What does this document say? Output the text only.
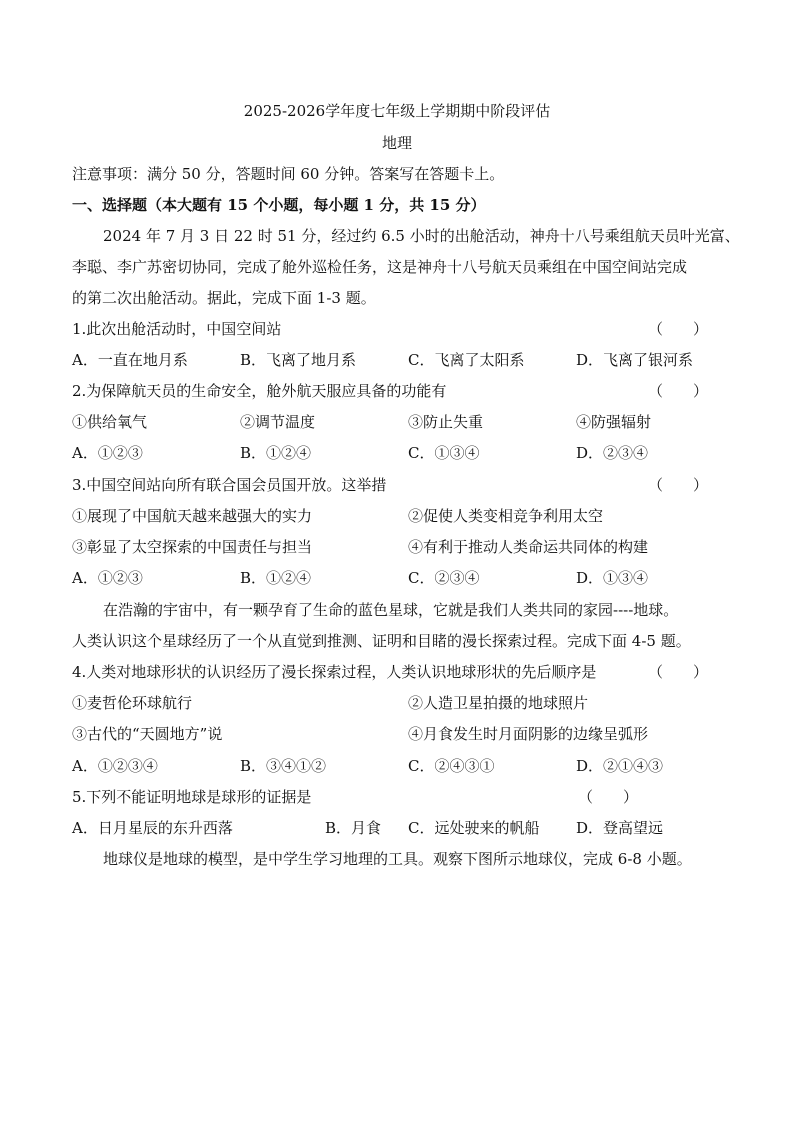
2025-2026学年度七年级上学期期中阶段评估
地理
注意事项：满分 50 分，答题时间 60 分钟。答案写在答题卡上。
一、选择题（本大题有 15 个小题，每小题 1 分，共 15 分）
2024 年 7 月 3 日 22 时 51 分，经过约 6.5 小时的出舱活动，神舟十八号乘组航天员叶光富、
李聪、李广苏密切协同，完成了舱外巡检任务，这是神舟十八号航天员乘组在中国空间站完成
的第二次出舱活动。据此，完成下面 1-3 题。
1.此次出舱活动时，中国空间站	（　　）
A．一直在地月系	B．飞离了地月系	C．飞离了太阳系	D．飞离了银河系
2.为保障航天员的生命安全，舱外航天服应具备的功能有	（　　）
①供给氧气	②调节温度	③防止失重	④防强辐射
A．①②③	B．①②④	C．①③④	D．②③④
3.中国空间站向所有联合国会员国开放。这举措	（　　）
①展现了中国航天越来越强大的实力	②促使人类变相竞争利用太空
③彰显了太空探索的中国责任与担当	④有利于推动人类命运共同体的构建
A．①②③	B．①②④	C．②③④	D．①③④
在浩瀚的宇宙中，有一颗孕育了生命的蓝色星球，它就是我们人类共同的家园----地球。
人类认识这个星球经历了一个从直觉到推测、证明和目睹的漫长探索过程。完成下面 4-5 题。
4.人类对地球形状的认识经历了漫长探索过程，人类认识地球形状的先后顺序是	（　　）
①麦哲伦环球航行	②人造卫星拍摄的地球照片
③古代的“天圆地方”说	④月食发生时月面阴影的边缘呈弧形
A．①②③④	B．③④①②	C．②④③①	D．②①④③
5.下列不能证明地球是球形的证据是	（　　）
A．日月星辰的东升西落	B．月食 C．远处驶来的帆船 D．登高望远
地球仪是地球的模型，是中学生学习地理的工具。观察下图所示地球仪，完成 6-8 小题。
